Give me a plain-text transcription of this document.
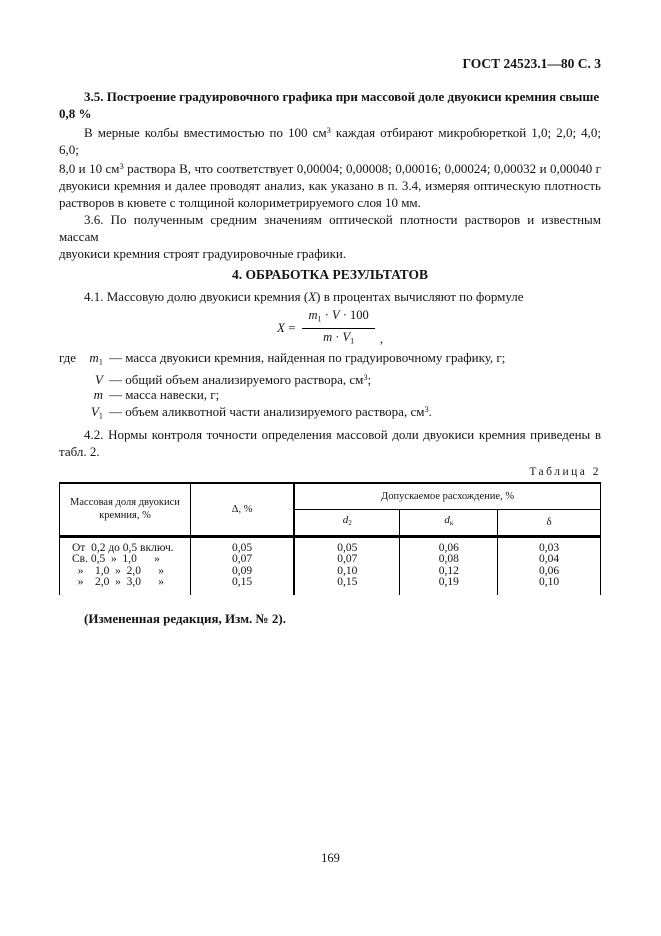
ГОСТ 24523.1—80 С. 3
3.5. Построение градуировочного графика при массовой доле двуокиси кремния свыше 0,8 %
В мерные колбы вместимостью по 100 $см^3$ каждая отбирают микробюреткой 1,0; 2,0; 4,0; 6,0;
8,0 и 10 $см^3$ раствора В, что соответствует 0,00004; 0,00008; 0,00016; 0,00024; 0,00032 и 0,00040 г
двуокиси кремния и далее проводят анализ, как указано в п. 3.4, измеряя оптическую плотность
растворов в кювете с толщиной колориметрируемого слоя 10 мм.
3.6. По полученным средним значениям оптической плотности растворов и известным массам
двуокиси кремния строят градуировочные графики.
4. ОБРАБОТКА РЕЗУЛЬТАТОВ
4.1. Массовую долю двуокиси кремния (X) в процентах вычисляют по формуле
$X = \frac{m_1 \cdot V \cdot 100}{m \cdot V_1}$ ,
где	$m_1$ — масса двуокиси кремния, найденная по градуировочному графику, г;
V — общий объем анализируемого раствора, $см^3$;
m — масса навески, г;
$V_1$ — объем аликвотной части анализируемого раствора, $см^3$.
4.2. Нормы контроля точности определения массовой доли двуокиси кремния приведены в
табл. 2.
Таблица 2
Массовая доля двуокиси кремния, %	Δ, %	Допускаемое расхождение, %		
		$d_2$	$d_к$	δ
От  0,2 до 0,5 включ.	0,05	0,05	0,06	0,03
Св. 0,5  »  1,0      »	0,07	0,07	0,08	0,04
»    1,0  »  2,0      »	0,09	0,10	0,12	0,06
»    2,0  »  3,0      »	0,15	0,15	0,19	0,10
(Измененная редакция, Изм. № 2).
169
